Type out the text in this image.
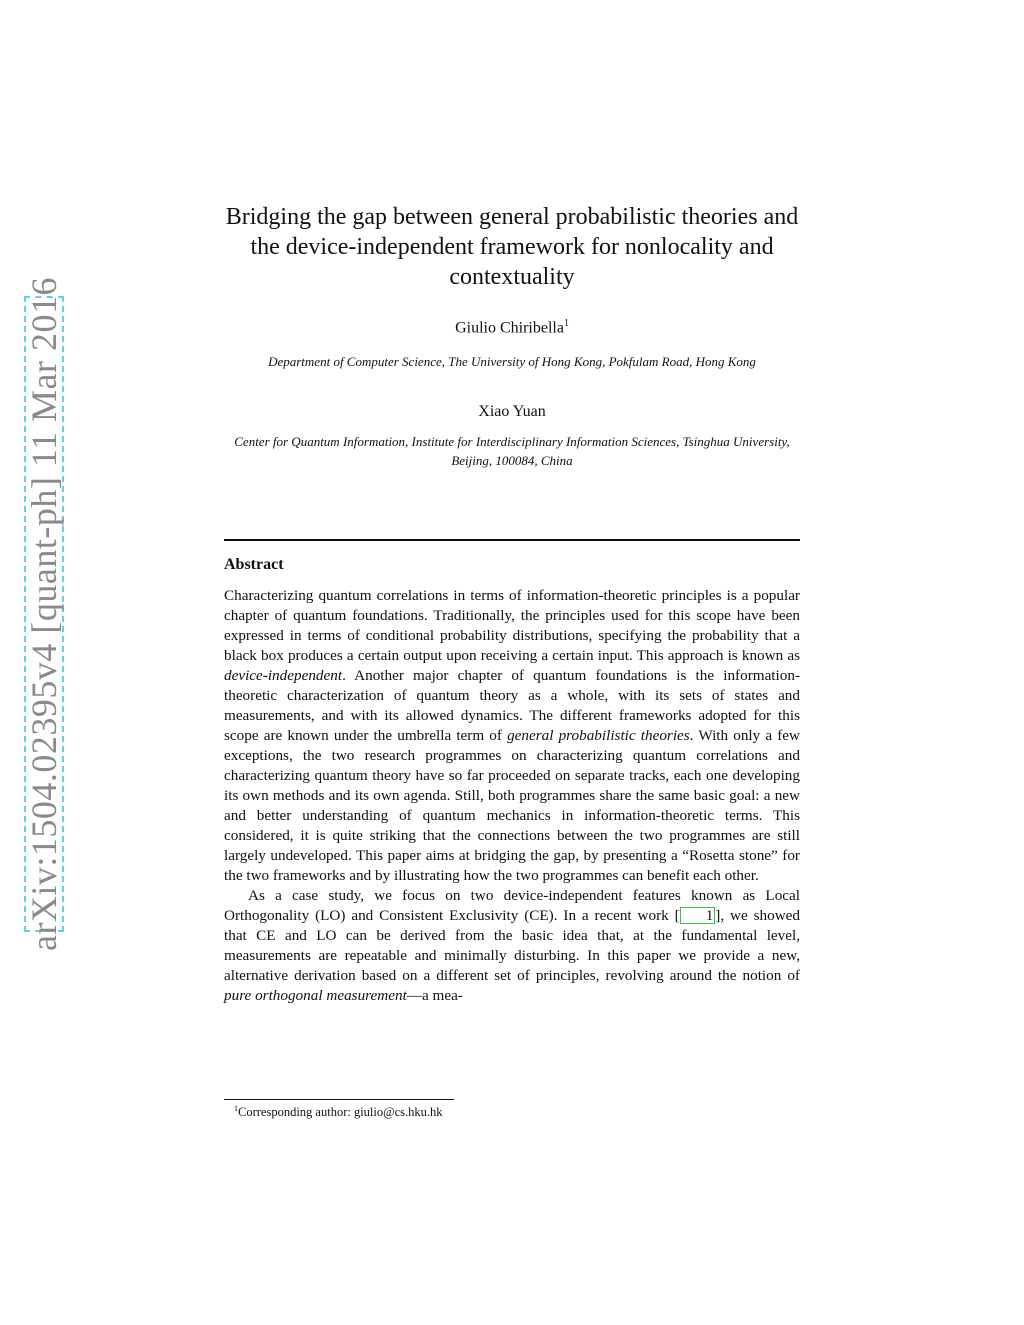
arXiv:1504.02395v4 [quant-ph] 11 Mar 2016
Bridging the gap between general probabilistic theories and the device-independent framework for nonlocality and contextuality
Giulio Chiribella$^1$
Department of Computer Science, The University of Hong Kong, Pokfulam Road, Hong Kong
Xiao Yuan
Center for Quantum Information, Institute for Interdisciplinary Information Sciences, Tsinghua University, Beijing, 100084, China
Abstract

Characterizing quantum correlations in terms of information-theoretic principles is a popular chapter of quantum foundations. Traditionally, the principles used for this scope have been expressed in terms of conditional probability distributions, specifying the probability that a black box produces a certain output upon receiving a certain input. This approach is known as device-independent. Another major chapter of quantum foundations is the information-theoretic characterization of quantum theory as a whole, with its sets of states and measurements, and with its allowed dynamics. The different frameworks adopted for this scope are known under the umbrella term of general probabilistic theories. With only a few exceptions, the two research programmes on characterizing quantum correlations and characterizing quantum theory have so far proceeded on separate tracks, each one developing its own methods and its own agenda. Still, both programmes share the same basic goal: a new and better understanding of quantum mechanics in information-theoretic terms. This considered, it is quite striking that the connections between the two programmes are still largely undeveloped. This paper aims at bridging the gap, by presenting a “Rosetta stone” for the two frameworks and by illustrating how the two programmes can benefit each other.

As a case study, we focus on two device-independent features known as Local Orthogonality (LO) and Consistent Exclusivity (CE). In a recent work [ 1 ], we showed that CE and LO can be derived from the basic idea that, at the fundamental level, measurements are repeatable and minimally disturbing. In this paper we provide a new, alternative derivation based on a different set of principles, revolving around the notion of pure orthogonal measurement—a mea-

$^1$Corresponding author: giulio@cs.hku.hk
